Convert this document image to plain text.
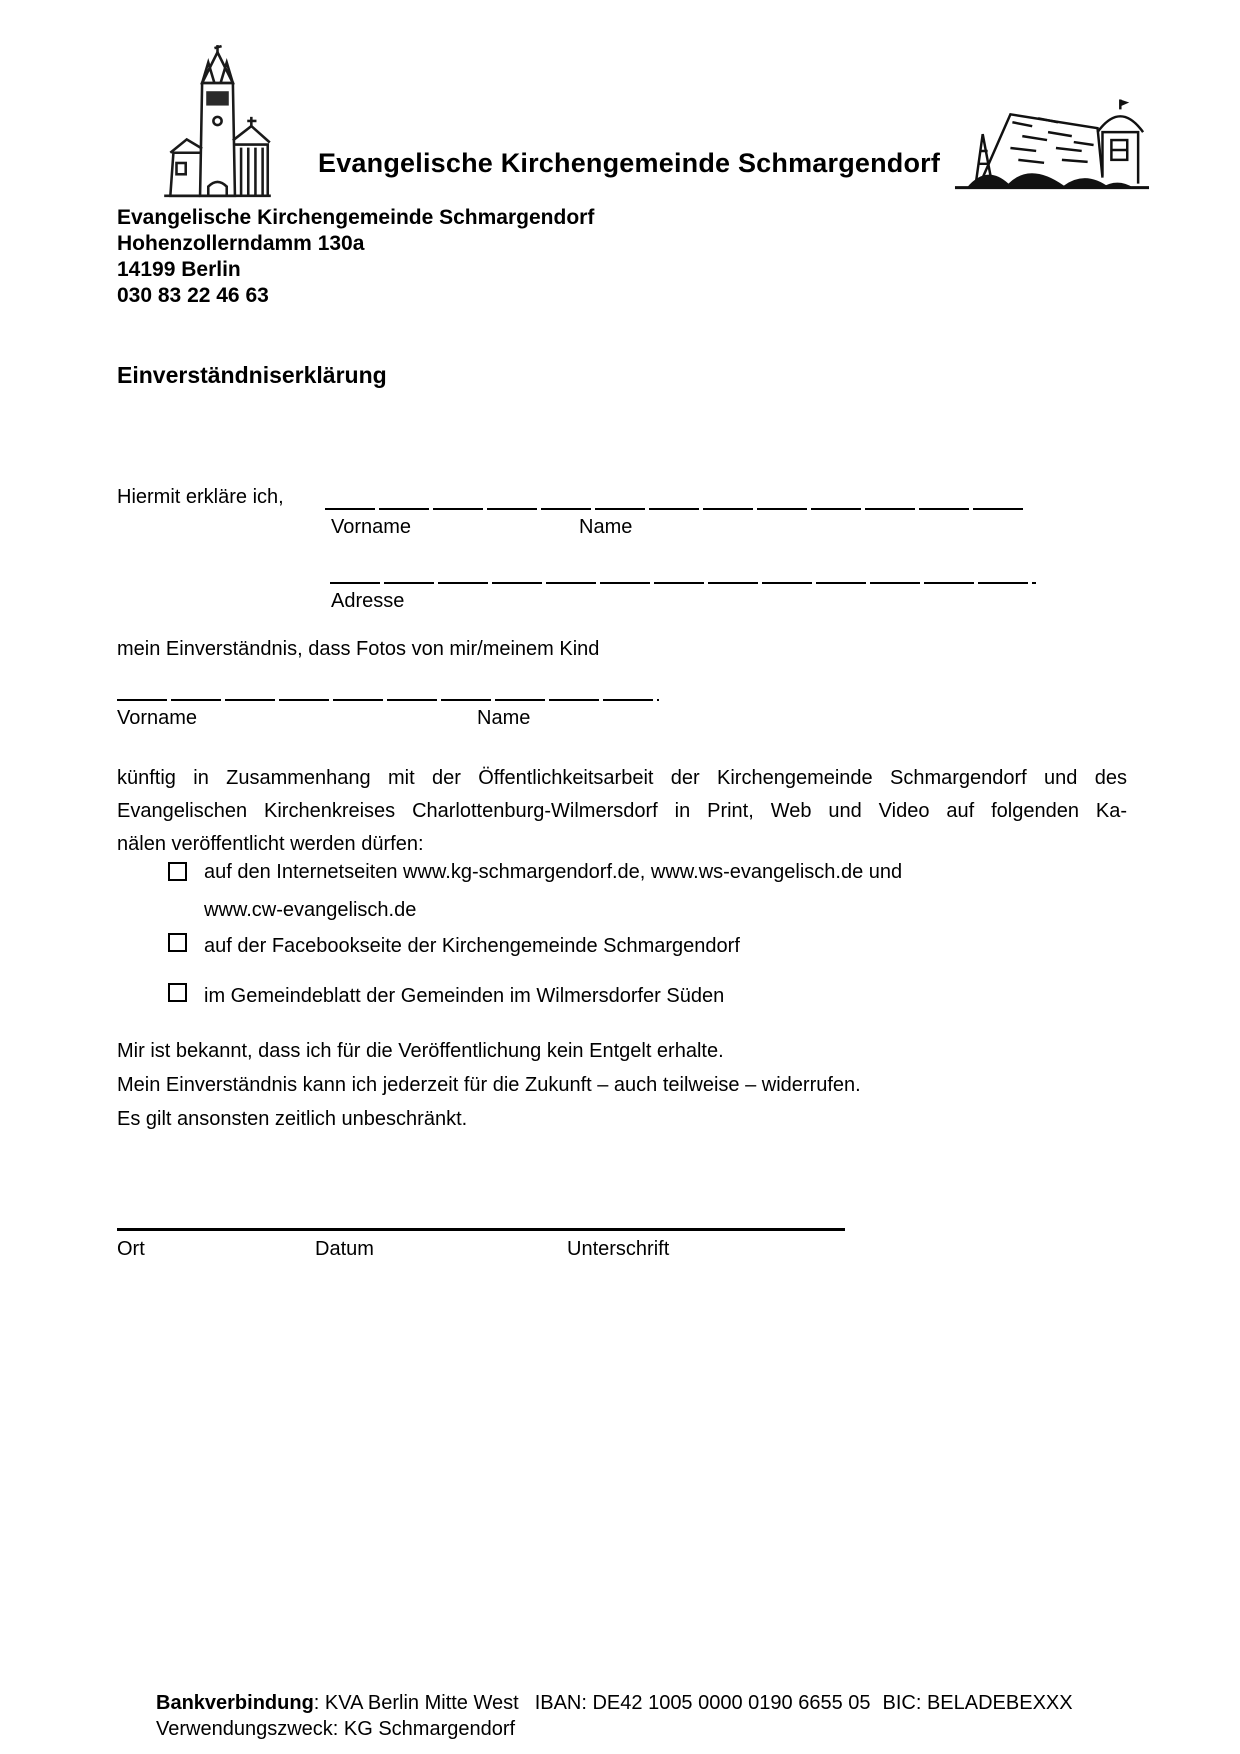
Evangelische Kirchengemeinde Schmargendorf
Evangelische Kirchengemeinde Schmargendorf
Hohenzollerndamm 130a
14199 Berlin
030 83 22 46 63
Einverständniserklärung
Hiermit erkläre ich,
Vorname	Name
Adresse
mein Einverständnis, dass Fotos von mir/meinem Kind
Vorname	Name
künftig in Zusammenhang mit der Öffentlichkeitsarbeit der Kirchengemeinde Schmargendorf und des
Evangelischen Kirchenkreises Charlottenburg-Wilmersdorf in Print, Web und Video auf folgenden Ka-
nälen veröffentlicht werden dürfen:
auf den Internetseiten www.kg-schmargendorf.de, www.ws-evangelisch.de und
www.cw-evangelisch.de
auf der Facebookseite der Kirchengemeinde Schmargendorf
im Gemeindeblatt der Gemeinden im Wilmersdorfer Süden
Mir ist bekannt, dass ich für die Veröffentlichung kein Entgelt erhalte.
Mein Einverständnis kann ich jederzeit für die Zukunft – auch teilweise – widerrufen.
Es gilt ansonsten zeitlich unbeschränkt.
Ort	Datum	Unterschrift
Bankverbindung: KVA Berlin Mitte West IBAN: DE42 1005 0000 0190 6655 05 BIC: BELADEBEXXX
Verwendungszweck: KG Schmargendorf
